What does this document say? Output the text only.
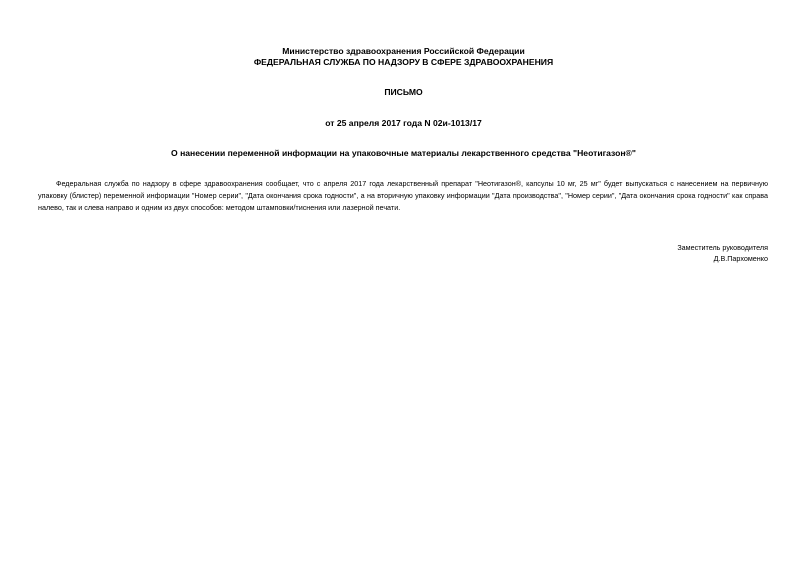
Министерство здравоохранения Российской Федерации
ФЕДЕРАЛЬНАЯ СЛУЖБА ПО НАДЗОРУ В СФЕРЕ ЗДРАВООХРАНЕНИЯ
ПИСЬМО
от 25 апреля 2017 года N 02и-1013/17
О нанесении переменной информации на упаковочные материалы лекарственного средства "Неотигазон®"

Федеральная служба по надзору в сфере здравоохранения сообщает, что с апреля 2017 года лекарственный препарат "Неотигазон®, капсулы 10 мг, 25 мг" будет выпускаться с нанесением на первичную упаковку (блистер) переменной информации "Номер серии", "Дата окончания срока годности", а на вторичную упаковку информации "Дата производства", "Номер серии", "Дата окончания срока годности" как справа налево, так и слева направо и одним из двух способов: методом штамповки/тиснения или лазерной печати.

Заместитель руководителя
Д.В.Пархоменко
